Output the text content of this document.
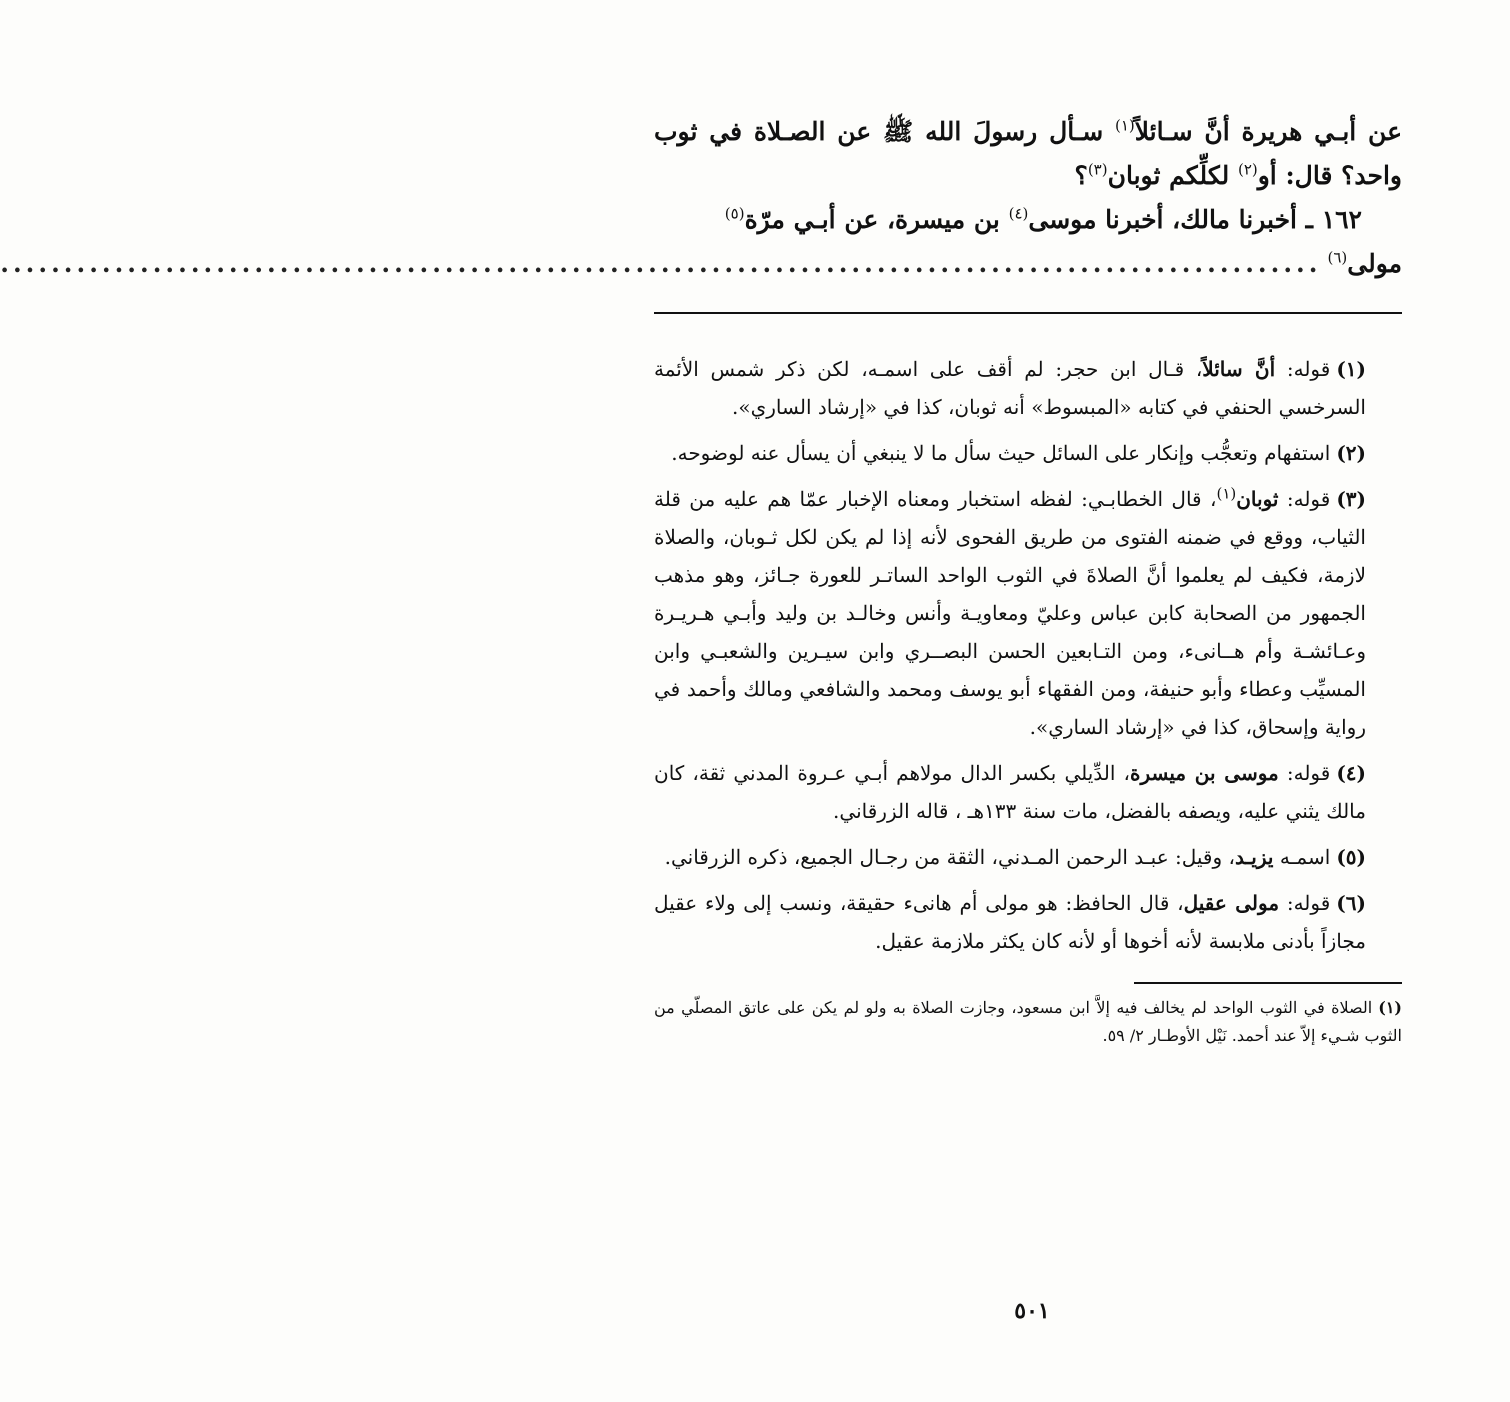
عن أبـي هريرة أنَّ سـائلاً$^{(١)}$ سـأل رسولَ الله ﷺ عن الصـلاة في ثوب واحد؟ قال: أو$^{(٢)}$ لكلِّكم ثوبان$^{(٣)}$؟

١٦٢ ـ أخبرنا مالك، أخبرنا موسى$^{(٤)}$ بن ميسرة، عن أبـي مرّة$^{(٥)}$

مولى$^{(٦)}$
........................................................................................................

(١)قوله: أنَّ سائلاً، قـال ابن حجر: لم أقف على اسمـه، لكن ذكر شمس الأئمة السرخسي الحنفي في كتابه «المبسوط» أنه ثوبان، كذا في «إرشاد الساري».

(٢)استفهام وتعجُّب وإنكار على السائل حيث سأل ما لا ينبغي أن يسأل عنه لوضوحه.

(٣)قوله: ثوبان$^{(١)}$، قال الخطابـي: لفظه استخبار ومعناه الإخبار عمّا هم عليه من قلة الثياب، ووقع في ضمنه الفتوى من طريق الفحوى لأنه إذا لم يكن لكل ثـوبان، والصلاة لازمة، فكيف لم يعلموا أنَّ الصلاةَ في الثوب الواحد الساتـر للعورة جـائز، وهو مذهب الجمهور من الصحابة كابن عباس وعليّ ومعاويـة وأنس وخالـد بن وليد وأبـي هـريـرة وعـائشـة وأم هــانىء، ومن التـابعين الحسن البصــري وابن سيـرين والشعبـي وابن المسيِّب وعطاء وأبو حنيفة، ومن الفقهاء أبو يوسف ومحمد والشافعي ومالك وأحمد في رواية وإسحاق، كذا في «إرشاد الساري».

(٤)قوله: موسى بن ميسرة، الدِّيلي بكسر الدال مولاهم أبـي عـروة المدني ثقة، كان مالك يثني عليه، ويصفه بالفضل، مات سنة ١٣٣هـ ، قاله الزرقاني.

(٥)اسمـه يزيـد، وقيل: عبـد الرحمن المـدني، الثقة من رجـال الجميع، ذكره الزرقاني.

(٦)قوله: مولى عقيل، قال الحافظ: هو مولى أم هانىء حقيقة، ونسب إلى ولاء عقيل مجازاً بأدنى ملابسة لأنه أخوها أو لأنه كان يكثر ملازمة عقيل.

(١)الصلاة في الثوب الواحد لم يخالف فيه إلاَّ ابن مسعود، وجازت الصلاة به ولو لم يكن على عاتق المصلّي من الثوب شـيء إلاّ عند أحمد. نَيْل الأوطـار ٢/ ٥٩.

٥٠١
